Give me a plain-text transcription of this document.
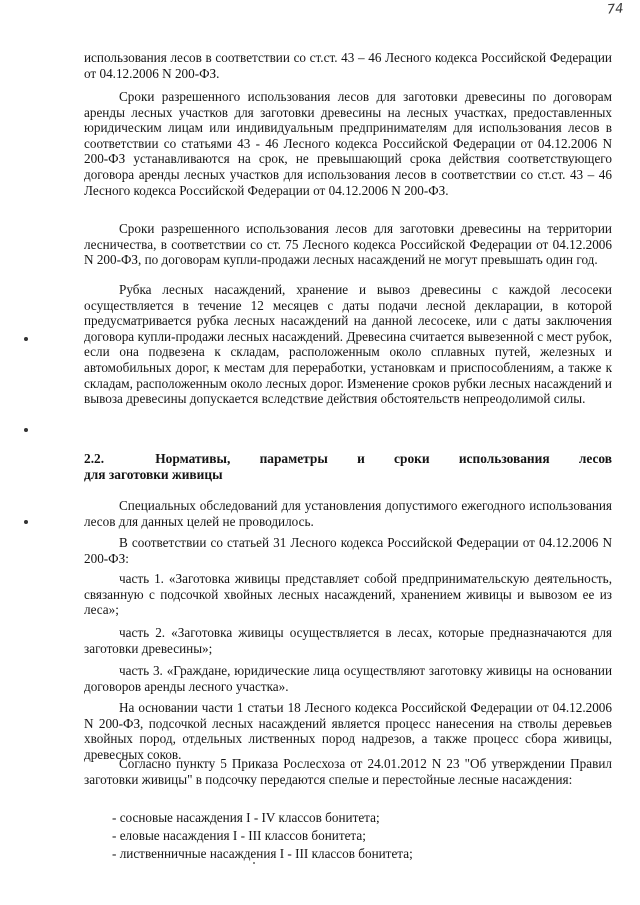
74
использования лесов в соответствии со ст.ст. 43 – 46 Лесного кодекса Российской Федерации от 04.12.2006 N 200-ФЗ.
Сроки разрешенного использования лесов для заготовки древесины по договорам аренды лесных участков для заготовки древесины на лесных участках, предоставленных юридическим лицам или индивидуальным предпринимателям для использования лесов в соответствии со статьями 43 - 46 Лесного кодекса Российской Федерации от 04.12.2006 N 200-ФЗ устанавливаются на срок, не превышающий срока действия соответствующего договора аренды лесных участков для использования лесов в соответствии со ст.ст. 43 – 46 Лесного кодекса Российской Федерации от 04.12.2006 N 200-ФЗ.
Сроки разрешенного использования лесов для заготовки древесины на территории лесничества, в соответствии со ст. 75 Лесного кодекса Российской Федерации от 04.12.2006 N 200-ФЗ, по договорам купли-продажи лесных насаждений не могут превышать один год.
Рубка лесных насаждений, хранение и вывоз древесины с каждой лесосеки осуществляется в течение 12 месяцев с даты подачи лесной декларации, в которой предусматривается рубка лесных насаждений на данной лесосеке, или с даты заключения договора купли-продажи лесных насаждений. Древесина считается вывезенной с мест рубок, если она подвезена к складам, расположенным около сплавных путей, железных и автомобильных дорог, к местам для переработки, установкам и приспособлениям, а также к складам, расположенным около лесных дорог. Изменение сроков рубки лесных насаждений и вывоза древесины допускается вследствие действия обстоятельств непреодолимой силы.
2.2.	Нормативы, параметры и сроки использования лесов
для заготовки живицы
Специальных обследований для установления допустимого ежегодного использования лесов для данных целей не проводилось.
В соответствии со статьей 31 Лесного кодекса Российской Федерации от 04.12.2006 N 200-ФЗ:
часть 1. «Заготовка живицы представляет собой предпринимательскую деятельность, связанную с подсочкой хвойных лесных насаждений, хранением живицы и вывозом ее из леса»;
часть 2. «Заготовка живицы осуществляется в лесах, которые предназначаются для заготовки древесины»;
часть 3. «Граждане, юридические лица осуществляют заготовку живицы на основании договоров аренды лесного участка».
На основании части 1 статьи 18 Лесного кодекса Российской Федерации от 04.12.2006 N 200-ФЗ, подсочкой лесных насаждений является процесс нанесения на стволы деревьев хвойных пород, отдельных лиственных пород надрезов, а также процесс сбора живицы, древесных соков.
Согласно пункту 5 Приказа Рослесхоза от 24.01.2012 N 23 "Об утверждении Правил заготовки живицы" в подсочку передаются спелые и перестойные лесные насаждения:
- сосновые насаждения I - IV классов бонитета;
- еловые насаждения I - III классов бонитета;
- лиственничные насаждения I - III классов бонитета;
